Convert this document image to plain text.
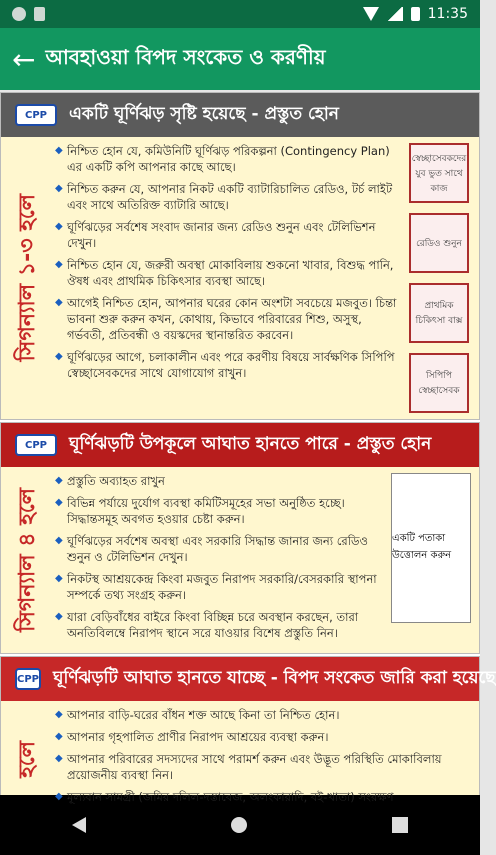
11:35
← আবহাওয়া বিপদ সংকেত ও করণীয়
CPP	একটি ঘূর্ণিঝড় সৃষ্টি হয়েছে - প্রস্তুত হোন
সিগন্যাল ১-৩ হলে
◆ নিশ্চিত হোন যে, কমিউনিটি ঘূর্ণিঝড় পরিকল্পনা (Contingency Plan) এর একটি কপি আপনার কাছে আছে।
◆ নিশ্চিত করুন যে, আপনার নিকট একটি ব্যাটারিচালিত রেডিও, টর্চ লাইট এবং সাথে অতিরিক্ত ব্যাটারি আছে।
◆ ঘূর্ণিঝড়ের সর্বশেষ সংবাদ জানার জন্য রেডিও শুনুন এবং টেলিভিশন দেখুন।
◆ নিশ্চিত হোন যে, জরুরী অবস্থা মোকাবিলায় শুকনো খাবার, বিশুদ্ধ পানি, ঔষধ এবং প্রাথমিক চিকিৎসার ব্যবস্থা আছে।
◆ আগেই নিশ্চিত হোন, আপনার ঘরের কোন অংশটা সবচেয়ে মজবুত। চিন্তা ভাবনা শুরু করুন কখন, কোথায়, কিভাবে পরিবারের শিশু, অসুস্থ, গর্ভবতী, প্রতিবন্ধী ও বয়স্কদের স্থানান্তরিত করবেন।
◆ ঘূর্ণিঝড়ের আগে, চলাকালীন এবং পরে করণীয় বিষয়ে সার্বক্ষণিক সিপিপি স্বেচ্ছাসেবকদের সাথে যোগাযোগ রাখুন।
স্বেচ্ছাসেবকদের যুব ভুত সাথে কাজ
রেডিও শুনুন
প্রাথমিক চিকিৎসা বাক্স
সিপিপি স্বেচ্ছাসেবক
CPP	ঘূর্ণিঝড়টি উপকূলে আঘাত হানতে পারে - প্রস্তুত হোন
সিগন্যাল ৪ হলে
◆ প্রস্তুতি অব্যাহত রাখুন
◆ বিভিন্ন পর্যায়ে দুর্যোগ ব্যবস্থা কমিটিসমূহের সভা অনুষ্ঠিত হচ্ছে। সিদ্ধান্তসমূহ অবগত হওয়ার চেষ্টা করুন।
◆ ঘূর্ণিঝড়ের সর্বশেষ অবস্থা এবং সরকারি সিদ্ধান্ত জানার জন্য রেডিও শুনুন ও টেলিভিশন দেখুন।
◆ নিকটস্থ আশ্রয়কেন্দ্র কিংবা মজবুত নিরাপদ সরকারি/বেসরকারি স্থাপনা সম্পর্কে তথ্য সংগ্রহ করুন।
◆ যারা বেড়িবাঁধের বাইরে কিংবা বিচ্ছিন্ন চরে অবস্থান করছেন, তারা অনতিবিলম্বে নিরাপদ স্থানে সরে যাওয়ার বিশেষ প্রস্তুতি নিন।
একটি পতাকা উত্তোলন করুন
CPP ঘূর্ণিঝড়টি আঘাত হানতে যাচ্ছে - বিপদ সংকেত জারি করা হয়েছে
হলে
◆ আপনার বাড়ি-ঘরের বাঁধন শক্ত আছে কিনা তা নিশ্চিত হোন।
◆ আপনার গৃহপালিত প্রাণীর নিরাপদ আশ্রয়ের ব্যবস্থা করুন।
◆ আপনার পরিবারের সদস্যদের সাথে পরামর্শ করুন এবং উদ্ভূত পরিস্থিতি মোকাবিলায় প্রয়োজনীয় ব্যবস্থা নিন।
◆ মূল্যবান সামগ্রী (জমির দলিল-দস্তাবেজ, অলংকারাদি, বই-খাতা) সংরক্ষণ
